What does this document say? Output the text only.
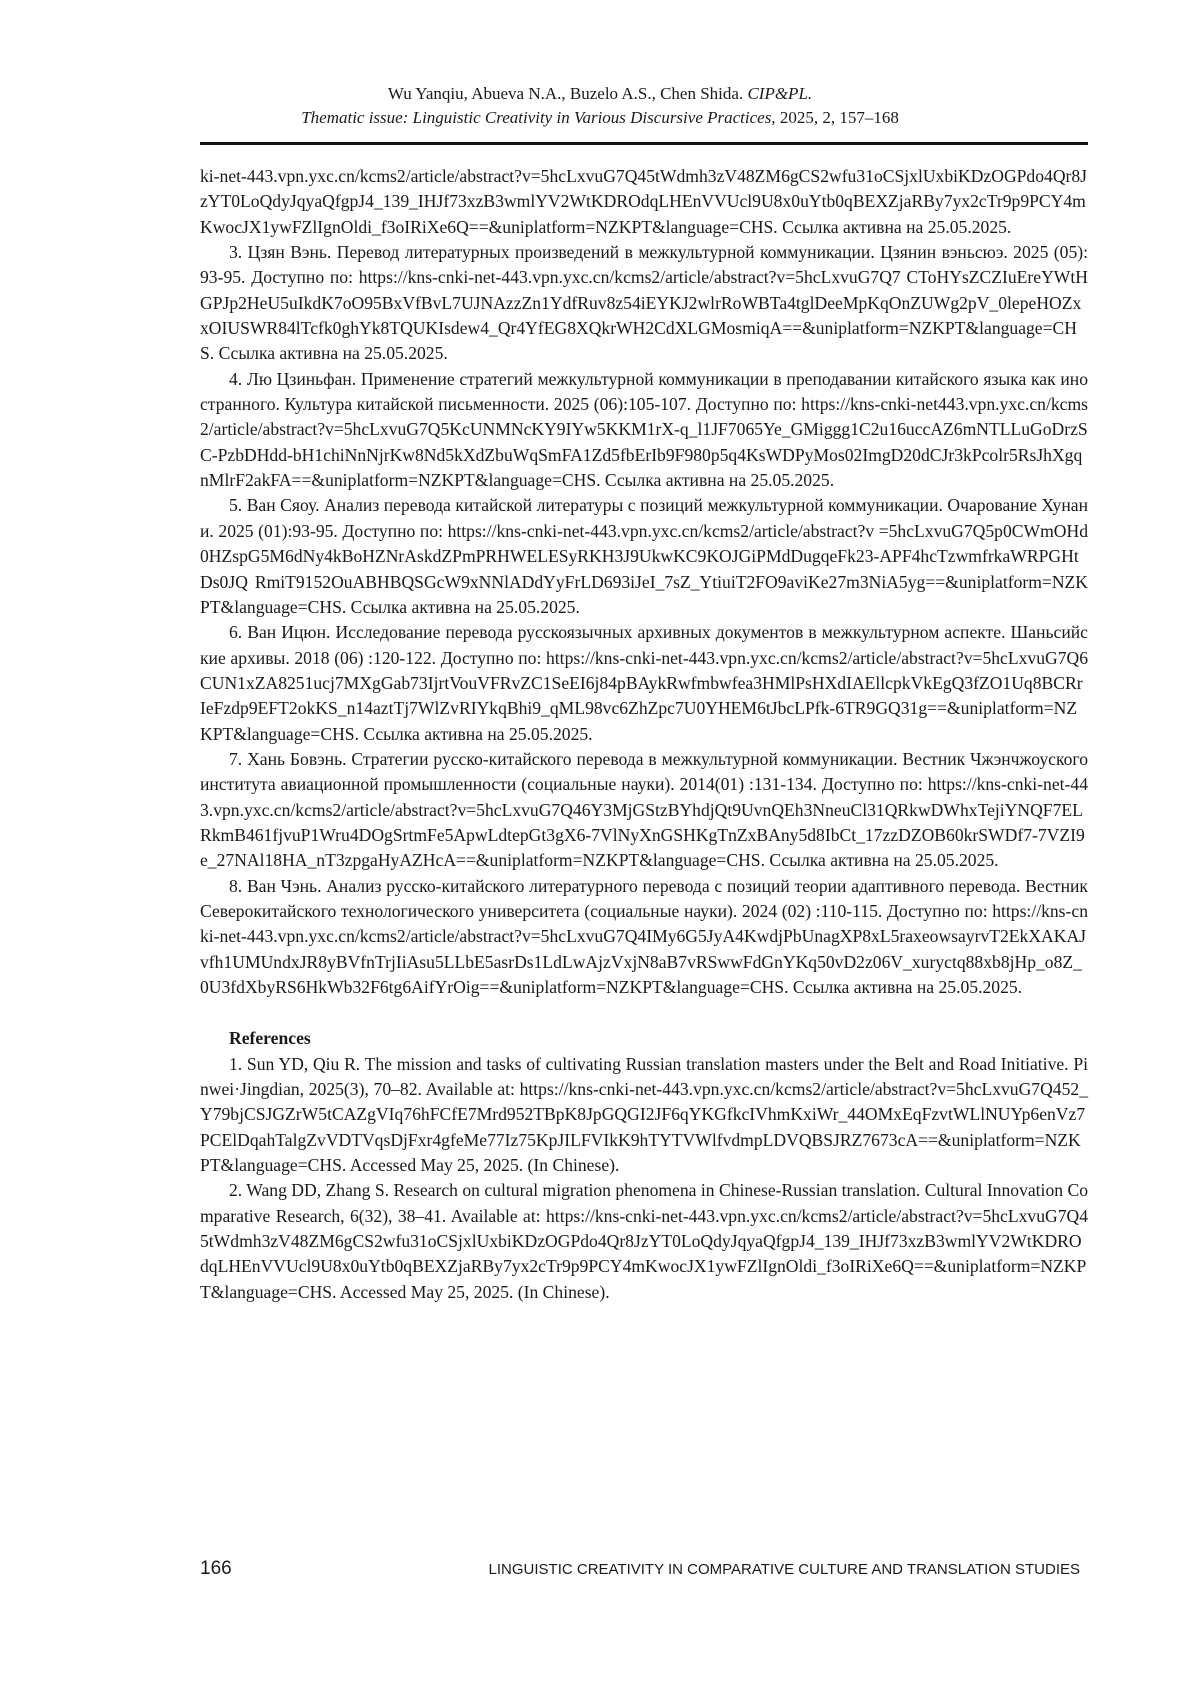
Wu Yanqiu, Abueva N.A., Buzelo A.S., Chen Shida. CIP&PL.
Thematic issue: Linguistic Creativity in Various Discursive Practices, 2025, 2, 157–168

ki-net-443.vpn.yxc.cn/kcms2/article/abstract?v=5hcLxvuG7Q45tWdmh3zV48ZM6gCS2wfu31oCSjxlUxbiKDzOGPdo4Qr8JzYT0LoQdyJqyaQfgpJ4_139_IHJf73xzB3wmlYV2WtKDROdqLHEnVVUcl9U8x0uYtb0qBEXZjaRBy7yx2cTr9p9PCY4mKwocJX1ywFZlIgnOldi_f3oIRiXe6Q==&uniplatform=NZKPT&language=CHS. Ссылка активна на 25.05.2025.

3. Цзян Вэнь. Перевод литературных произведений в межкультурной коммуникации. Цзянин вэньсюэ. 2025 (05): 93-95. Доступно по: https://kns-cnki-net-443.vpn.yxc.cn/kcms2/article/abstract?v=5hcLxvuG7Q7 CToHYsZCZIuEreYWtHGPJp2HeU5uIkdK7oO95BxVfBvL7UJNAzzZn1YdfRuv8z54iEYKJ2wlrRoWBTa4tglDeeMpKqOnZUWg2pV_0lepeHOZxxOIUSWR84lTcfk0ghYk8TQUKIsdew4_Qr4YfEG8XQkrWH2CdXLGMosmiqA==&uniplatform=NZKPT&language=CHS. Ссылка активна на 25.05.2025.

4. Лю Цзиньфан. Применение стратегий межкультурной коммуникации в преподавании китайского языка как иностранного. Культура китайской письменности. 2025 (06):105-107. Доступно по: https://kns-cnki-net443.vpn.yxc.cn/kcms2/article/abstract?v=5hcLxvuG7Q5KcUNMNcKY9IYw5KKM1rX-q_l1JF7065Ye_GMiggg1C2u16uccAZ6mNTLLuGoDrzSC-PzbDHdd-bH1chiNnNjrKw8Nd5kXdZbuWqSmFA1Zd5fbErIb9F980p5q4KsWDPyMos02ImgD20dCJr3kPcolr5RsJhXgqnMlrF2akFA==&uniplatform=NZKPT&language=CHS. Ссылка активна на 25.05.2025.

5. Ван Сяоу. Анализ перевода китайской литературы с позиций межкультурной коммуникации. Очарование Хунани. 2025 (01):93-95. Доступно по: https://kns-cnki-net-443.vpn.yxc.cn/kcms2/article/abstract?v =5hcLxvuG7Q5p0CWmOHd0HZspG5M6dNy4kBoHZNrAskdZPmPRHWELESyRKH3J9UkwKC9KOJGiPMdDugqeFk23-APF4hcTzwmfrkaWRPGHtDs0JQ RmiT9152OuABHBQSGcW9xNNlADdYyFrLD693iJeI_7sZ_YtiuiT2FO9aviKe27m3NiA5yg==&uniplatform=NZKPT&language=CHS. Ссылка активна на 25.05.2025.

6. Ван Ицюн. Исследование перевода русскоязычных архивных документов в межкультурном аспекте. Шаньсийские архивы. 2018 (06) :120-122. Доступно по: https://kns-cnki-net-443.vpn.yxc.cn/kcms2/article/abstract?v=5hcLxvuG7Q6CUN1xZA8251ucj7MXgGab73IjrtVouVFRvZC1SeEI6j84pBAykRwfmbwfea3HMlPsHXdIAEllcpkVkEgQ3fZO1Uq8BCRrIeFzdp9EFT2okKS_n14aztTj7WlZvRIYkqBhi9_qML98vc6ZhZpc7U0YHEM6tJbcLPfk-6TR9GQ31g==&uniplatform=NZKPT&language=CHS. Ссылка активна на 25.05.2025.

7. Хань Бовэнь. Стратегии русско-китайского перевода в межкультурной коммуникации. Вестник Чжэнчжоуского института авиационной промышленности (социальные науки). 2014(01) :131-134. Доступно по: https://kns-cnki-net-443.vpn.yxc.cn/kcms2/article/abstract?v=5hcLxvuG7Q46Y3MjGStzBYhdjQt9UvnQEh3NneuCl31QRkwDWhxTejiYNQF7ELRkmB461fjvuP1Wru4DOgSrtmFe5ApwLdtepGt3gX6-7VlNyXnGSHKgTnZxBAny5d8IbCt_17zzDZOB60krSWDf7-7VZI9e_27NAl18HA_nT3zpgaHyAZHcA==&uniplatform=NZKPT&language=CHS. Ссылка активна на 25.05.2025.

8. Ван Чэнь. Анализ русско-китайского литературного перевода с позиций теории адаптивного перевода. Вестник Северокитайского технологического университета (социальные науки). 2024 (02) :110-115. Доступно по: https://kns-cnki-net-443.vpn.yxc.cn/kcms2/article/abstract?v=5hcLxvuG7Q4IMy6G5JyA4KwdjPbUnagXP8xL5raxeowsayrvT2EkXAKAJvfh1UMUndxJR8yBVfnTrjIiAsu5LLbE5asrDs1LdLwAjzVxjN8aB7vRSwwFdGnYKq50vD2z06V_xuryctq88xb8jHp_o8Z_0U3fdXbyRS6HkWb32F6tg6AifYrOig==&uniplatform=NZKPT&language=CHS. Ссылка активна на 25.05.2025.

References

1. Sun YD, Qiu R. The mission and tasks of cultivating Russian translation masters under the Belt and Road Initiative. Pinwei·Jingdian, 2025(3), 70–82. Available at: https://kns-cnki-net-443.vpn.yxc.cn/kcms2/article/abstract?v=5hcLxvuG7Q452_Y79bjCSJGZrW5tCAZgVIq76hFCfE7Mrd952TBpK8JpGQGI2JF6qYKGfkcIVhmKxiWr_44OMxEqFzvtWLlNUYp6enVz7PCElDqahTalgZvVDTVqsDjFxr4gfeMe77Iz75KpJILFVIkK9hTYTVWlfvdmpLDVQBSJRZ7673cA==&uniplatform=NZKPT&language=CHS. Accessed May 25, 2025. (In Chinese).

2. Wang DD, Zhang S. Research on cultural migration phenomena in Chinese-Russian translation. Cultural Innovation Comparative Research, 6(32), 38–41. Available at: https://kns-cnki-net-443.vpn.yxc.cn/kcms2/article/abstract?v=5hcLxvuG7Q45tWdmh3zV48ZM6gCS2wfu31oCSjxlUxbiKDzOGPdo4Qr8JzYT0LoQdyJqyaQfgpJ4_139_IHJf73xzB3wmlYV2WtKDROdqLHEnVVUcl9U8x0uYtb0qBEXZjaRBy7yx2cTr9p9PCY4mKwocJX1ywFZlIgnOldi_f3oIRiXe6Q==&uniplatform=NZKPT&language=CHS. Accessed May 25, 2025. (In Chinese).

166	LINGUISTIC CREATIVITY IN COMPARATIVE CULTURE AND TRANSLATION STUDIES
